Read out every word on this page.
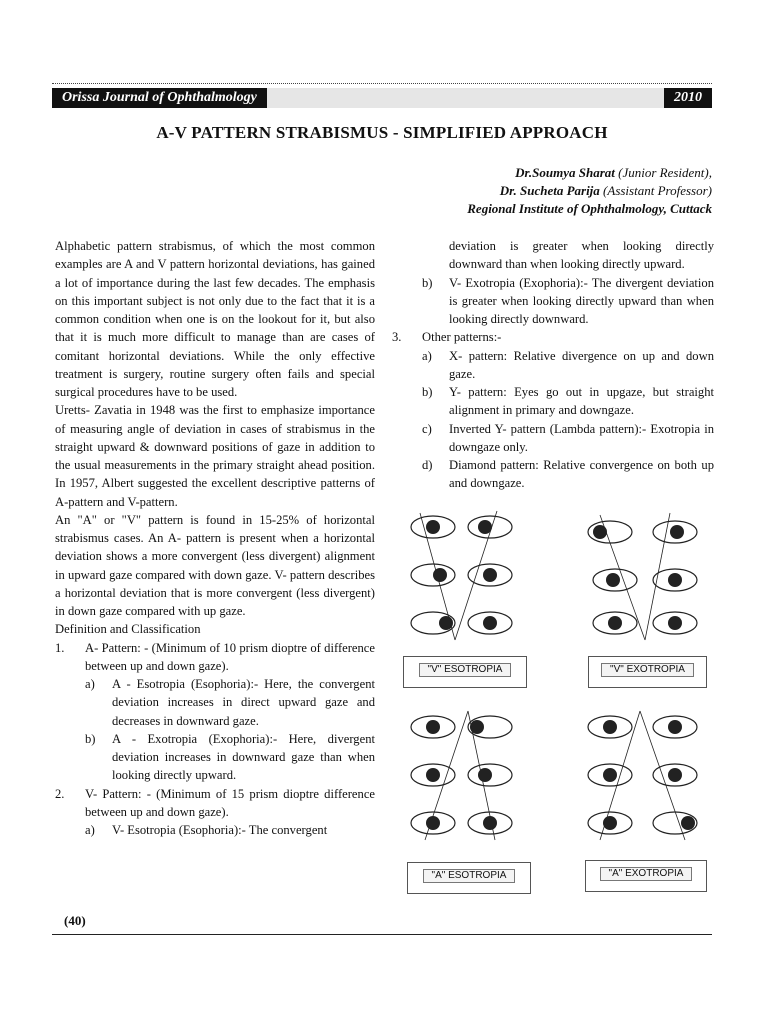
Orissa Journal of Ophthalmology	2010
A-V PATTERN STRABISMUS - SIMPLIFIED APPROACH
Dr.Soumya Sharat (Junior Resident),
Dr. Sucheta Parija (Assistant Professor)
Regional Institute of Ophthalmology, Cuttack

Alphabetic pattern strabismus, of which the most common examples are A and V pattern horizontal deviations, has gained a lot of importance during the last few decades. The emphasis on this important subject is not only due to the fact that it is a common condition when one is on the lookout for it, but also that it is much more difficult to manage than are cases of comitant horizontal deviations. While the only effective treatment is surgery, routine surgery often fails and special surgical procedures have to be used.

Uretts- Zavatia in 1948 was the first to emphasize importance of measuring angle of deviation in cases of strabismus in the straight upward & downward positions of gaze in addition to the usual measurements in the primary straight ahead position. In 1957, Albert suggested the excellent descriptive patterns of A-pattern and V-pattern.

An "A" or "V" pattern is found in 15-25% of horizontal strabismus cases. An A- pattern is present when a horizontal deviation shows a more convergent (less divergent) alignment in upward gaze compared with down gaze. V- pattern describes a horizontal deviation that is more convergent (less divergent) in down gaze compared with up gaze.

Definition and Classification
1.	A- Pattern: - (Minimum of 10 prism dioptre of difference between up and down gaze).
a)	A - Esotropia (Esophoria):- Here, the convergent deviation increases in direct upward gaze and decreases in downward gaze.
b)	A - Exotropia (Exophoria):- Here, divergent deviation increases in downward gaze than when looking directly upward.
2.	V- Pattern: - (Minimum of 15 prism dioptre difference between up and down gaze).
a)	V- Esotropia (Esophoria):- The convergent
deviation is greater when looking directly downward than when looking directly upward.
b)	V- Exotropia (Exophoria):- The divergent deviation is greater when looking directly upward than when looking directly downward.
3.	Other patterns:-
a)	X- pattern: Relative divergence on up and down gaze.
b)	Y- pattern: Eyes go out in upgaze, but straight alignment in primary and downgaze.
c)	Inverted Y- pattern (Lambda pattern):- Exotropia in downgaze only.
d)	Diamond pattern: Relative convergence on both up and downgaze.
"V" ESOTROPIA	"V" EXOTROPIA
"A" ESOTROPIA	"A" EXOTROPIA
(40)
